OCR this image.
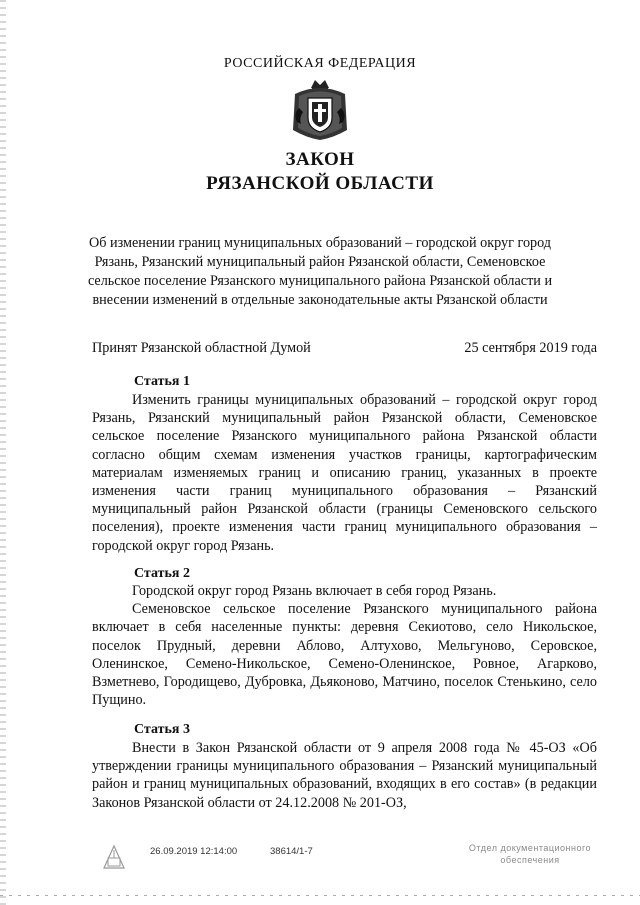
РОССИЙСКАЯ ФЕДЕРАЦИЯ
ЗАКОН
РЯЗАНСКОЙ ОБЛАСТИ
Об изменении границ муниципальных образований – городской округ город Рязань, Рязанский муниципальный район Рязанской области, Семеновское сельское поселение Рязанского муниципального района Рязанской области и внесении изменений в отдельные законодательные акты Рязанской области
Принят Рязанской областной Думой	25 сентября 2019 года
Статья 1

Изменить границы муниципальных образований – городской округ город Рязань, Рязанский муниципальный район Рязанской области, Семеновское сельское поселение Рязанского муниципального района Рязанской области согласно общим схемам изменения участков границы, картографическим материалам изменяемых границ и описанию границ, указанных в проекте изменения части границ муниципального образования – Рязанский муниципальный район Рязанской области (границы Семеновского сельского поселения), проекте изменения части границ муниципального образования – городской округ город Рязань.

Статья 2

Городской округ город Рязань включает в себя город Рязань.

Семеновское сельское поселение Рязанского муниципального района включает в себя населенные пункты: деревня Секиотово, село Никольское, поселок Прудный, деревни Аблово, Алтухово, Мельгуново, Серовское, Оленинское, Семено-Никольское, Семено-Оленинское, Ровное, Агарково, Взметнево, Городищево, Дубровка, Дьяконово, Матчино, поселок Стенькино, село Пущино.

Статья 3

Внести в Закон Рязанской области от 9 апреля 2008 года № 45-ОЗ «Об утверждении границы муниципального образования – Рязанский муниципальный район и границ муниципальных образований, входящих в его состав» (в редакции Законов Рязанской области от 24.12.2008 № 201-ОЗ,

26.09.2019 12:14:00	38614/1-7	Отдел документационного
обеспечения
